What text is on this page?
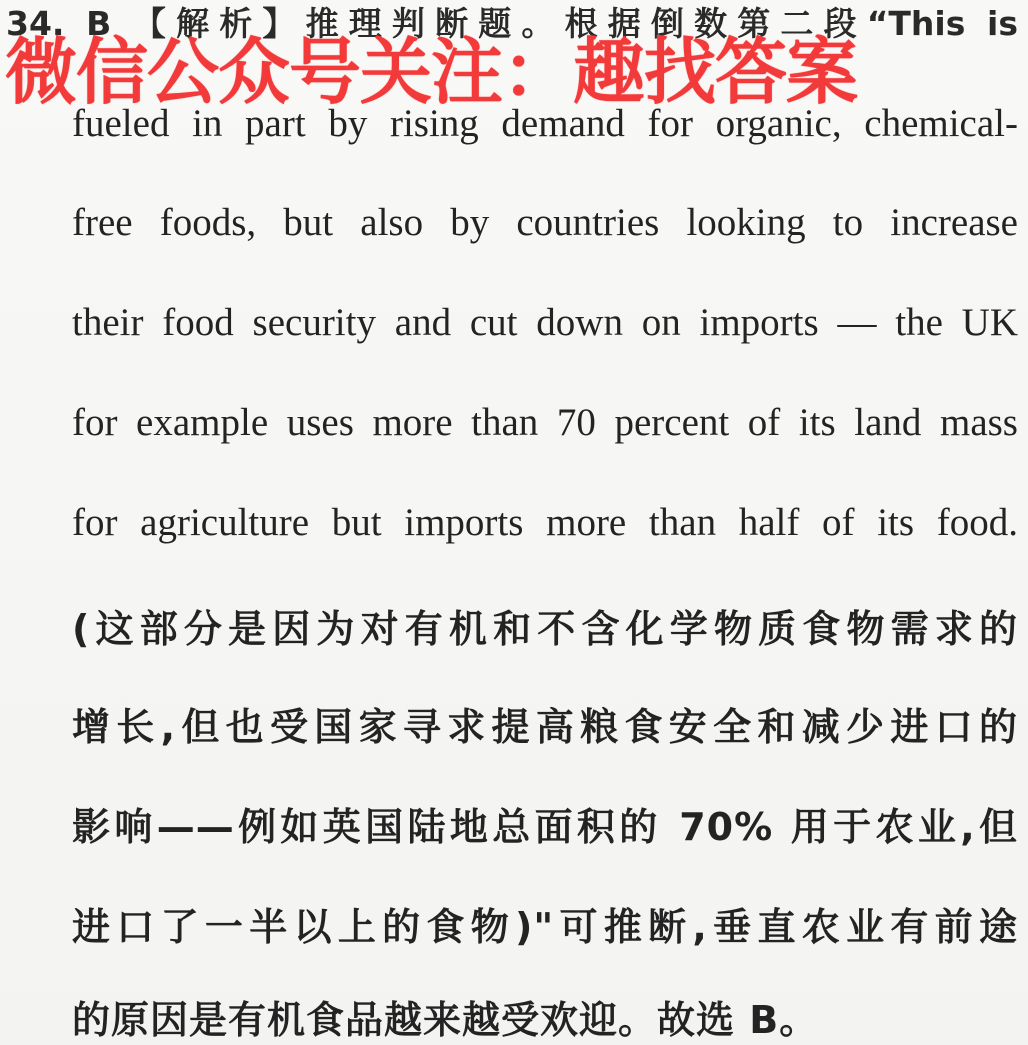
34. B 【解析】推理判断题。根据倒数第二段“This is
微信公众号关注：趣找答案
fueled in part by rising demand for organic, chemical-
free foods, but also by countries looking to increase
their food security and cut down on imports — the UK
for example uses more than 70 percent of its land mass
for agriculture but imports more than half of its food.
(这部分是因为对有机和不含化学物质食物需求的
增长,但也受国家寻求提高粮食安全和减少进口的
影响——例如英国陆地总面积的 70% 用于农业,但
进口了一半以上的食物)"可推断,垂直农业有前途
的原因是有机食品越来越受欢迎。故选 B。
